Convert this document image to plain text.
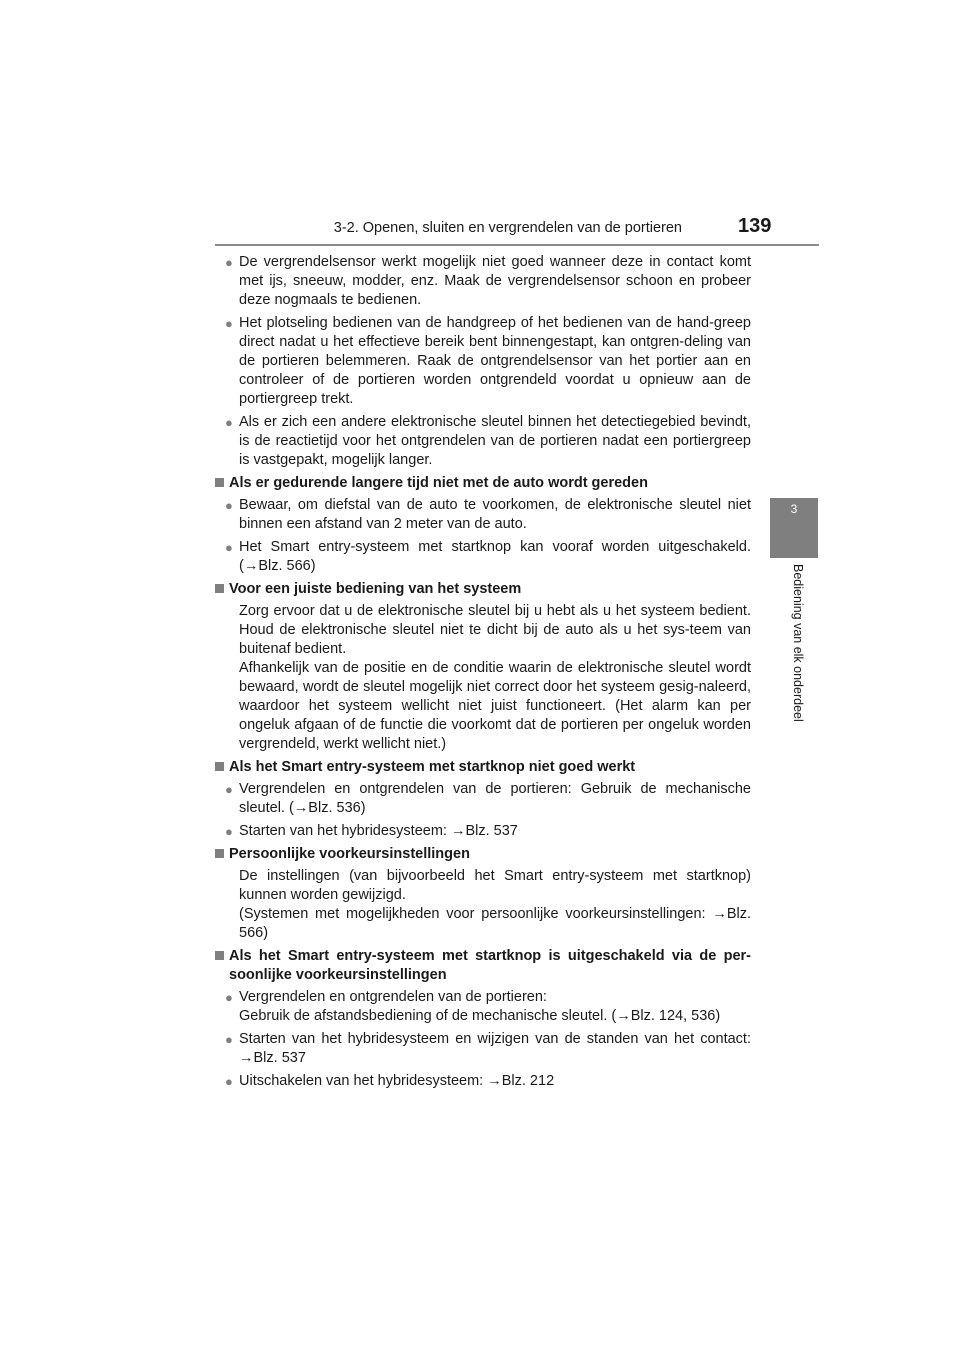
3-2. Openen, sluiten en vergrendelen van de portieren	139
3
Bediening van elk onderdeel
● De vergrendelsensor werkt mogelijk niet goed wanneer deze in contact komt met ijs, sneeuw, modder, enz. Maak de vergrendelsensor schoon en probeer deze nogmaals te bedienen.
● Het plotseling bedienen van de handgreep of het bedienen van de hand-greep direct nadat u het effectieve bereik bent binnengestapt, kan ontgren-deling van de portieren belemmeren. Raak de ontgrendelsensor van het portier aan en controleer of de portieren worden ontgrendeld voordat u opnieuw aan de portiergreep trekt.
● Als er zich een andere elektronische sleutel binnen het detectiegebied bevindt, is de reactietijd voor het ontgrendelen van de portieren nadat een portiergreep is vastgepakt, mogelijk langer.
Als er gedurende langere tijd niet met de auto wordt gereden
● Bewaar, om diefstal van de auto te voorkomen, de elektronische sleutel niet binnen een afstand van 2 meter van de auto.
● Het Smart entry-systeem met startknop kan vooraf worden uitgeschakeld. (→Blz. 566)
Voor een juiste bediening van het systeem

Zorg ervoor dat u de elektronische sleutel bij u hebt als u het systeem bedient. Houd de elektronische sleutel niet te dicht bij de auto als u het sys-teem van buitenaf bedient.

Afhankelijk van de positie en de conditie waarin de elektronische sleutel wordt bewaard, wordt de sleutel mogelijk niet correct door het systeem gesig-naleerd, waardoor het systeem wellicht niet juist functioneert. (Het alarm kan per ongeluk afgaan of de functie die voorkomt dat de portieren per ongeluk worden vergrendeld, werkt wellicht niet.)

Als het Smart entry-systeem met startknop niet goed werkt
● Vergrendelen en ontgrendelen van de portieren: Gebruik de mechanische sleutel. (→Blz. 536)
● Starten van het hybridesysteem: →Blz. 537
Persoonlijke voorkeursinstellingen

De instellingen (van bijvoorbeeld het Smart entry-systeem met startknop) kunnen worden gewijzigd.

(Systemen met mogelijkheden voor persoonlijke voorkeursinstellingen: →Blz. 566)

Als het Smart entry-systeem met startknop is uitgeschakeld via de per-soonlijke voorkeursinstellingen
● Vergrendelen en ontgrendelen van de portieren:
Gebruik de afstandsbediening of de mechanische sleutel. (→Blz. 124, 536)
● Starten van het hybridesysteem en wijzigen van de standen van het contact: →Blz. 537
● Uitschakelen van het hybridesysteem: →Blz. 212
